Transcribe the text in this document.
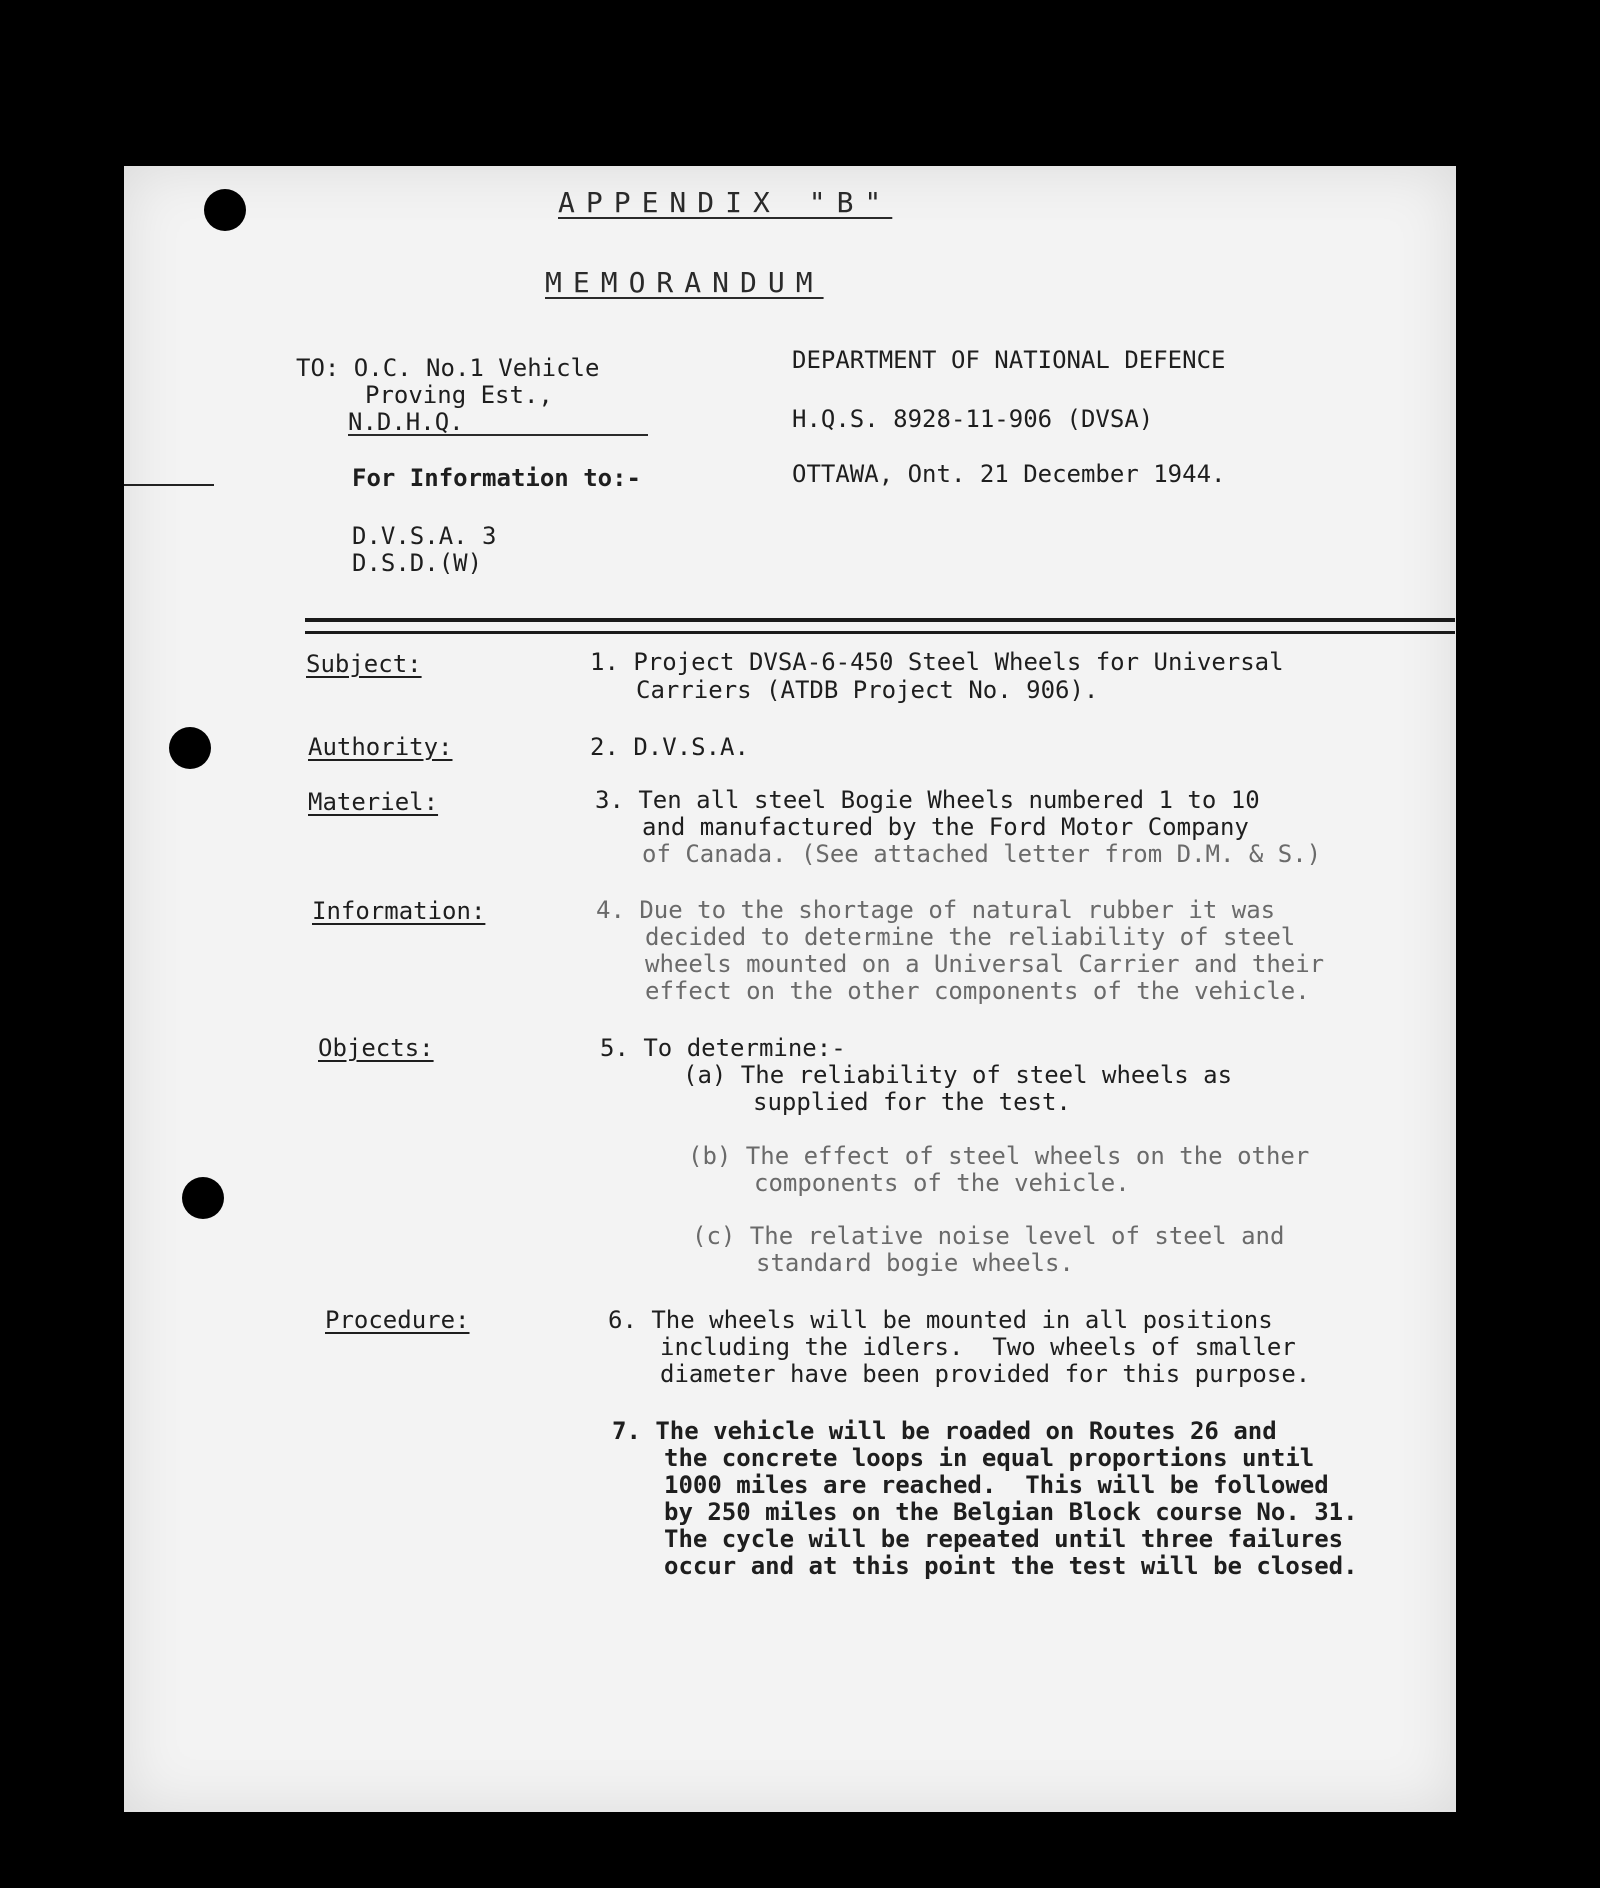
APPENDIX "B"
MEMORANDUM
TO: O.C. No.1 Vehicle
Proving Est.,
N.D.H.Q.
For Information to:-
D.V.S.A. 3
D.S.D.(W)
DEPARTMENT OF NATIONAL DEFENCE
H.Q.S. 8928-11-906 (DVSA)
OTTAWA, Ont. 21 December 1944.
Subject:	1. Project DVSA-6-450 Steel Wheels for Universal
Carriers (ATDB Project No. 906).
Authority:	2. D.V.S.A.
Materiel:	3. Ten all steel Bogie Wheels numbered 1 to 10
and manufactured by the Ford Motor Company
of Canada. (See attached letter from D.M. & S.)
Information:	4. Due to the shortage of natural rubber it was
decided to determine the reliability of steel
wheels mounted on a Universal Carrier and their
effect on the other components of the vehicle.
Objects:	5. To determine:-
(a) The reliability of steel wheels as
supplied for the test.
(b) The effect of steel wheels on the other
components of the vehicle.
(c) The relative noise level of steel and
standard bogie wheels.
Procedure:	6. The wheels will be mounted in all positions
including the idlers.  Two wheels of smaller
diameter have been provided for this purpose.
7. The vehicle will be roaded on Routes 26 and
the concrete loops in equal proportions until
1000 miles are reached.  This will be followed
by 250 miles on the Belgian Block course No. 31.
The cycle will be repeated until three failures
occur and at this point the test will be closed.
